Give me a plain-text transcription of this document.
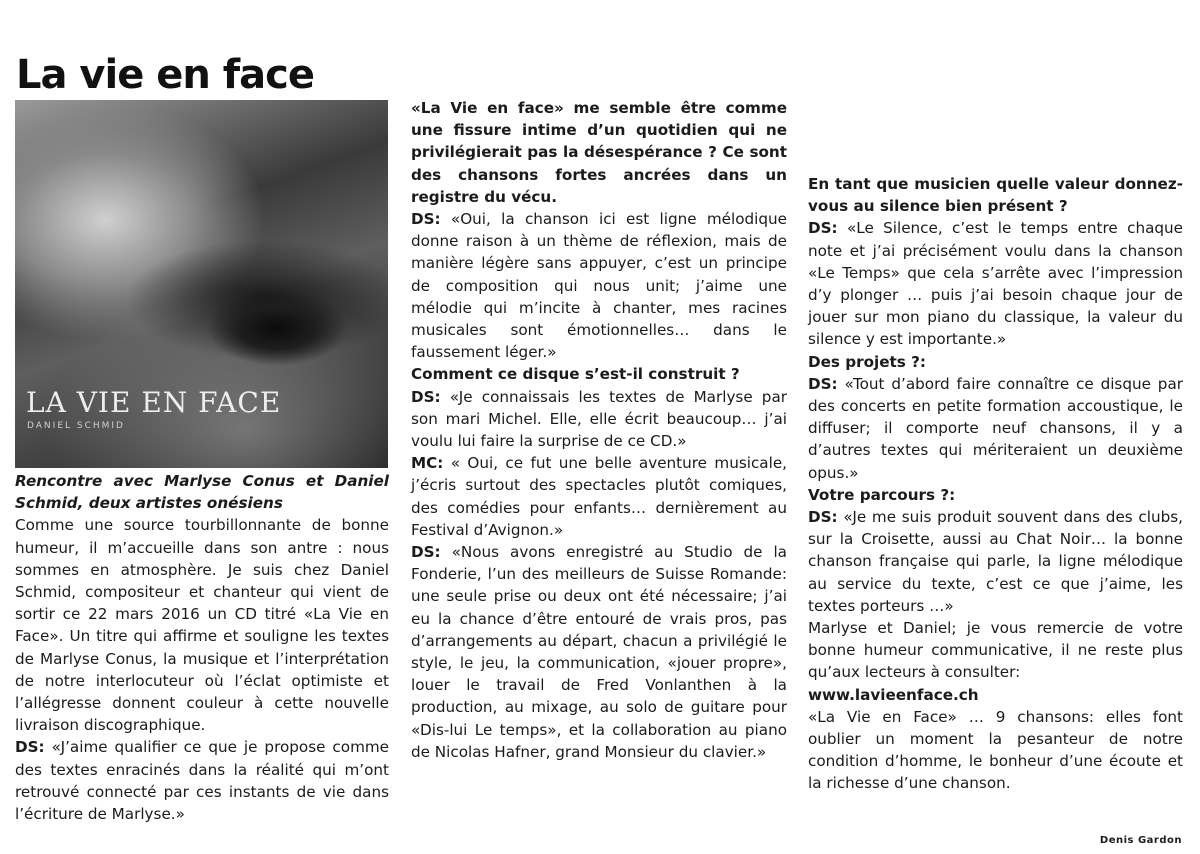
La vie en face
LA VIE EN FACE
DANIEL SCHMID

Rencontre avec Marlyse Conus et Daniel Schmid, deux artistes onésiens

Comme une source tourbillonnante de bonne humeur, il m’accueille dans son antre : nous sommes en atmosphère. Je suis chez Daniel Schmid, compositeur et chanteur qui vient de sortir ce 22 mars 2016 un CD titré «La Vie en Face». Un titre qui affirme et souligne les textes de Marlyse Conus, la musique et l’interprétation de notre interlocuteur où l’éclat optimiste et l’allégresse donnent couleur à cette nouvelle livraison discographique.

DS: «J’aime qualifier ce que je propose comme des textes enracinés dans la réalité qui m’ont retrouvé connecté par ces instants de vie dans l’écriture de Marlyse.»

«La Vie en face» me semble être comme une fissure intime d’un quotidien qui ne privilégierait pas la désespérance ? Ce sont des chansons fortes ancrées dans un registre du vécu.

DS: «Oui, la chanson ici est ligne mélodique donne raison à un thème de réflexion, mais de manière légère sans appuyer, c’est un principe de composition qui nous unit; j’aime une mélodie qui m’incite à chanter, mes racines musicales sont émotionnelles… dans le faussement léger.»

Comment ce disque s’est-il construit ?

DS: «Je connaissais les textes de Marlyse par son mari Michel. Elle, elle écrit beaucoup… j’ai voulu lui faire la surprise de ce CD.»

MC: « Oui, ce fut une belle aventure musicale, j’écris surtout des spectacles plutôt comiques, des comédies pour enfants… dernièrement au Festival d’Avignon.»

DS: «Nous avons enregistré au Studio de la Fonderie, l’un des meilleurs de Suisse Romande: une seule prise ou deux ont été nécessaire; j’ai eu la chance d’être entouré de vrais pros, pas d’arrangements au départ, chacun a privilégié le style, le jeu, la communication, «jouer propre», louer le travail de Fred Vonlanthen à la production, au mixage, au solo de guitare pour «Dis-lui Le temps», et la collaboration au piano de Nicolas Hafner, grand Monsieur du clavier.»

En tant que musicien quelle valeur donnez-vous au silence bien présent ?

DS: «Le Silence, c’est le temps entre chaque note et j’ai précisément voulu dans la chanson «Le Temps» que cela s’arrête avec l’impression d’y plonger … puis j’ai besoin chaque jour de jouer sur mon piano du classique, la valeur du silence y est importante.»

Des projets ?:

DS: «Tout d’abord faire connaître ce disque par des concerts en petite formation accoustique, le diffuser; il comporte neuf chansons, il y a d’autres textes qui mériteraient un deuxième opus.»

Votre parcours ?:

DS: «Je me suis produit souvent dans des clubs, sur la Croisette, aussi au Chat Noir… la bonne chanson française qui parle, la ligne mélodique au service du texte, c’est ce que j’aime, les textes porteurs …»

Marlyse et Daniel; je vous remercie de votre bonne humeur communicative, il ne reste plus qu’aux lecteurs à consulter:

www.lavieenface.ch

«La Vie en Face» … 9 chansons: elles font oublier un moment la pesanteur de notre condition d’homme, le bonheur d’une écoute et la richesse d’une chanson.

Denis Gardon
